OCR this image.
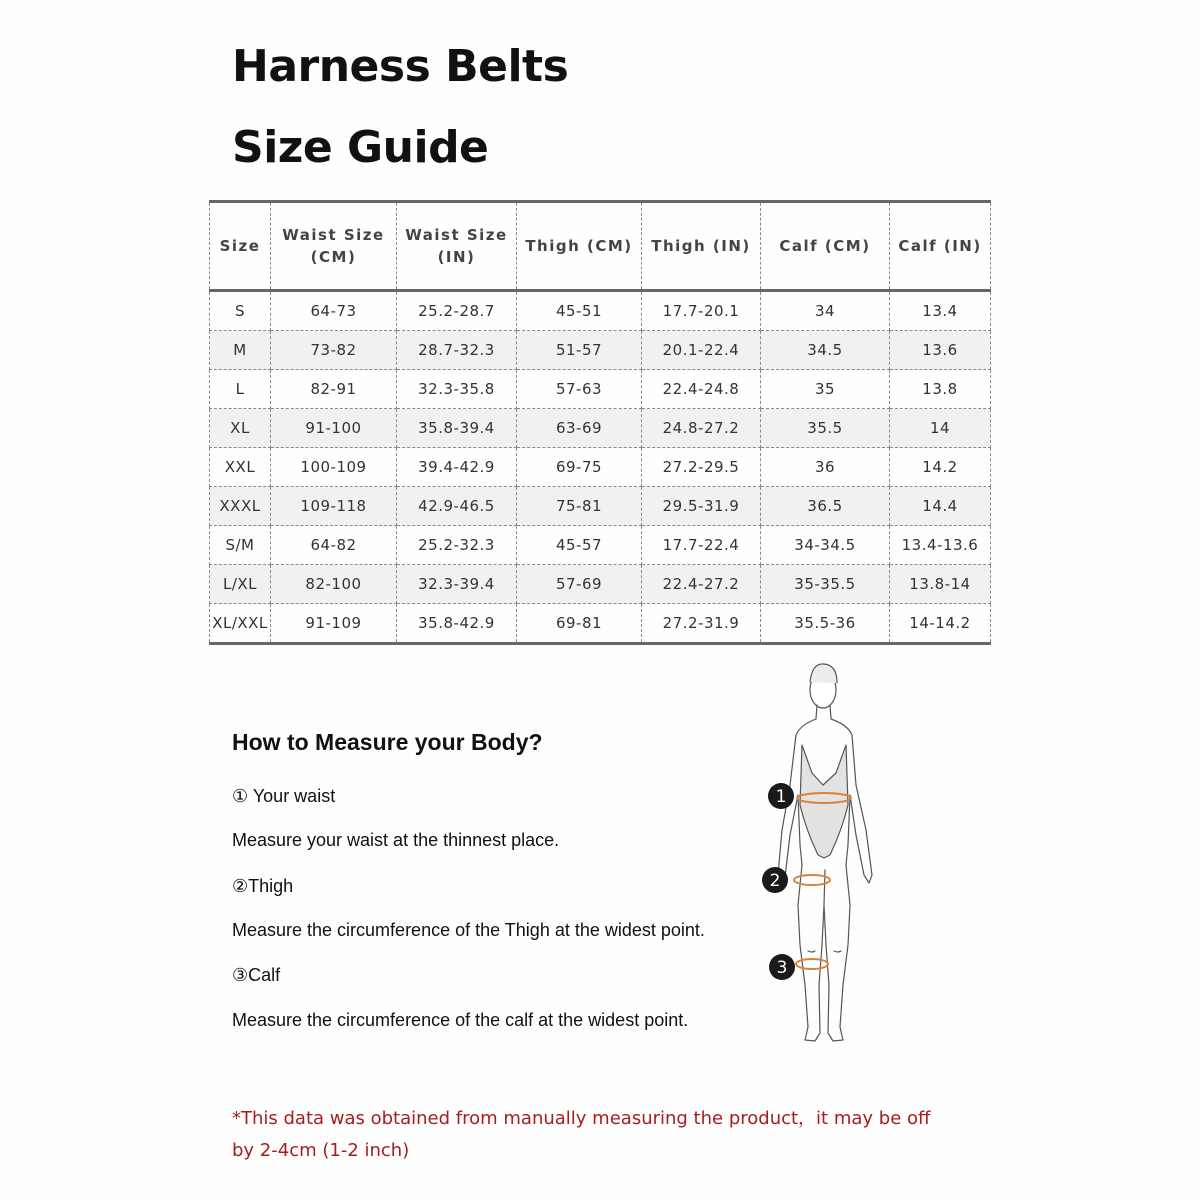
Harness Belts
Size Guide
Size	Waist Size (CM)	Waist Size (IN)	Thigh (CM)	Thigh (IN)	Calf (CM)	Calf (IN)
S	64-73	25.2-28.7	45-51	17.7-20.1	34	13.4
M	73-82	28.7-32.3	51-57	20.1-22.4	34.5	13.6
L	82-91	32.3-35.8	57-63	22.4-24.8	35	13.8
XL	91-100	35.8-39.4	63-69	24.8-27.2	35.5	14
XXL	100-109	39.4-42.9	69-75	27.2-29.5	36	14.2
XXXL	109-118	42.9-46.5	75-81	29.5-31.9	36.5	14.4
S/M	64-82	25.2-32.3	45-57	17.7-22.4	34-34.5	13.4-13.6
L/XL	82-100	32.3-39.4	57-69	22.4-27.2	35-35.5	13.8-14
XL/XXL	91-109	35.8-42.9	69-81	27.2-31.9	35.5-36	14-14.2
How to Measure your Body?

① Your waist

Measure your waist at the thinnest place.

②Thigh

Measure the circumference of the Thigh at the widest point.

③Calf

Measure the circumference of the calf at the widest point.

1
2
3

*This data was obtained from manually measuring the product，it may be off by 2-4cm (1-2 inch)
